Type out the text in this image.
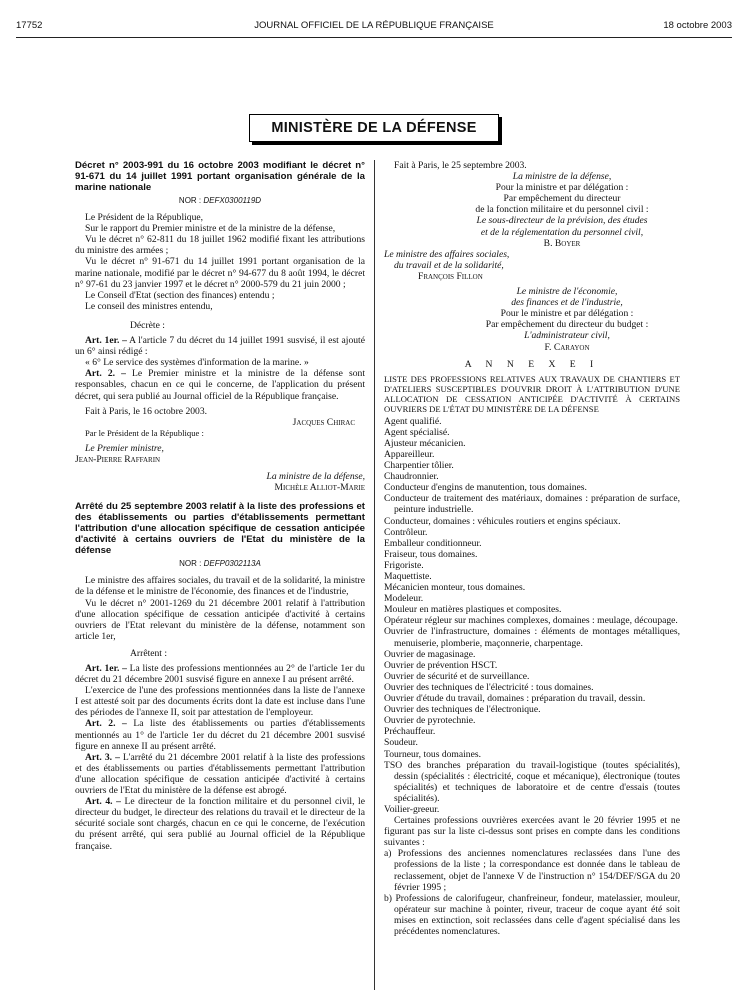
17752	JOURNAL OFFICIEL DE LA RÉPUBLIQUE FRANÇAISE	18 octobre 2003
MINISTÈRE DE LA DÉFENSE

Décret n° 2003-991 du 16 octobre 2003 modifiant le décret n° 91-671 du 14 juillet 1991 portant organisation générale de la marine nationale

NOR : DEFX0300119D

Le Président de la République,

Sur le rapport du Premier ministre et de la ministre de la défense,

Vu le décret n° 62-811 du 18 juillet 1962 modifié fixant les attributions du ministre des armées ;

Vu le décret n° 91-671 du 14 juillet 1991 portant organisation de la marine nationale, modifié par le décret n° 94-677 du 8 août 1994, le décret n° 97-61 du 23 janvier 1997 et le décret n° 2000-579 du 21 juin 2000 ;

Le Conseil d'Etat (section des finances) entendu ;

Le conseil des ministres entendu,

Décrète :

Art. 1er. – A l'article 7 du décret du 14 juillet 1991 susvisé, il est ajouté un 6° ainsi rédigé :

« 6° Le service des systèmes d'information de la marine. »

Art. 2. – Le Premier ministre et la ministre de la défense sont responsables, chacun en ce qui le concerne, de l'application du présent décret, qui sera publié au Journal officiel de la République française.

Fait à Paris, le 16 octobre 2003.

Jacques Chirac

Par le Président de la République :

Le Premier ministre,

Jean-Pierre Raffarin

La ministre de la défense,

Michèle Alliot-Marie

Arrêté du 25 septembre 2003 relatif à la liste des professions et des établissements ou parties d'établissements permettant l'attribution d'une allocation spécifique de cessation anticipée d'activité à certains ouvriers de l'Etat du ministère de la défense

NOR : DEFP0302113A

Le ministre des affaires sociales, du travail et de la solidarité, la ministre de la défense et le ministre de l'économie, des finances et de l'industrie,

Vu le décret n° 2001-1269 du 21 décembre 2001 relatif à l'attribution d'une allocation spécifique de cessation anticipée d'activité à certains ouvriers de l'Etat relevant du ministère de la défense, notamment son article 1er,

Arrêtent :

Art. 1er. – La liste des professions mentionnées au 2° de l'article 1er du décret du 21 décembre 2001 susvisé figure en annexe I au présent arrêté.

L'exercice de l'une des professions mentionnées dans la liste de l'annexe I est attesté soit par des documents écrits dont la date est incluse dans l'une des périodes de l'annexe II, soit par attestation de l'employeur.

Art. 2. – La liste des établissements ou parties d'établissements mentionnés au 1° de l'article 1er du décret du 21 décembre 2001 susvisé figure en annexe II au présent arrêté.

Art. 3. – L'arrêté du 21 décembre 2001 relatif à la liste des professions et des établissements ou parties d'établissements permettant l'attribution d'une allocation spécifique de cessation anticipée d'activité à certains ouvriers de l'Etat du ministère de la défense est abrogé.

Art. 4. – Le directeur de la fonction militaire et du personnel civil, le directeur du budget, le directeur des relations du travail et le directeur de la sécurité sociale sont chargés, chacun en ce qui le concerne, de l'exécution du présent arrêté, qui sera publié au Journal officiel de la République française.

Fait à Paris, le 25 septembre 2003.

La ministre de la défense,

Pour la ministre et par délégation :

Par empêchement du directeur

de la fonction militaire et du personnel civil :

Le sous-directeur de la prévision, des études

et de la réglementation du personnel civil,

B. Boyer

Le ministre des affaires sociales,

du travail et de la solidarité,

François Fillon

Le ministre de l'économie,

des finances et de l'industrie,

Pour le ministre et par délégation :

Par empêchement du directeur du budget :

L'administrateur civil,

F. Carayon

A N N E X E I

LISTE DES PROFESSIONS RELATIVES AUX TRAVAUX DE CHANTIERS ET D'ATELIERS SUSCEPTIBLES D'OUVRIR DROIT À L'ATTRIBUTION D'UNE ALLOCATION DE CESSATION ANTICIPÉE D'ACTIVITÉ À CERTAINS OUVRIERS DE L'ÉTAT DU MINISTÈRE DE LA DÉFENSE

Agent qualifié.

Agent spécialisé.

Ajusteur mécanicien.

Appareilleur.

Charpentier tôlier.

Chaudronnier.

Conducteur d'engins de manutention, tous domaines.

Conducteur de traitement des matériaux, domaines : préparation de surface, peinture industrielle.

Conducteur, domaines : véhicules routiers et engins spéciaux.

Contrôleur.

Emballeur conditionneur.

Fraiseur, tous domaines.

Frigoriste.

Maquettiste.

Mécanicien monteur, tous domaines.

Modeleur.

Mouleur en matières plastiques et composites.

Opérateur régleur sur machines complexes, domaines : meulage, découpage.

Ouvrier de l'infrastructure, domaines : éléments de montages métalliques, menuiserie, plomberie, maçonnerie, charpentage.

Ouvrier de magasinage.

Ouvrier de prévention HSCT.

Ouvrier de sécurité et de surveillance.

Ouvrier des techniques de l'électricité : tous domaines.

Ouvrier d'étude du travail, domaines : préparation du travail, dessin.

Ouvrier des techniques de l'électronique.

Ouvrier de pyrotechnie.

Préchauffeur.

Soudeur.

Tourneur, tous domaines.

TSO des branches préparation du travail-logistique (toutes spécialités), dessin (spécialités : électricité, coque et mécanique), électronique (toutes spécialités) et techniques de laboratoire et de centre d'essais (toutes spécialités).

Voilier-greeur.

Certaines professions ouvrières exercées avant le 20 février 1995 et ne figurant pas sur la liste ci-dessus sont prises en compte dans les conditions suivantes :

a) Professions des anciennes nomenclatures reclassées dans l'une des professions de la liste ; la correspondance est donnée dans le tableau de reclassement, objet de l'annexe V de l'instruction n° 154/DEF/SGA du 20 février 1995 ;

b) Professions de calorifugeur, chanfreineur, fondeur, matelassier, mouleur, opérateur sur machine à pointer, riveur, traceur de coque ayant été soit mises en extinction, soit reclassées dans celle d'agent spécialisé dans les précédentes nomenclatures.
